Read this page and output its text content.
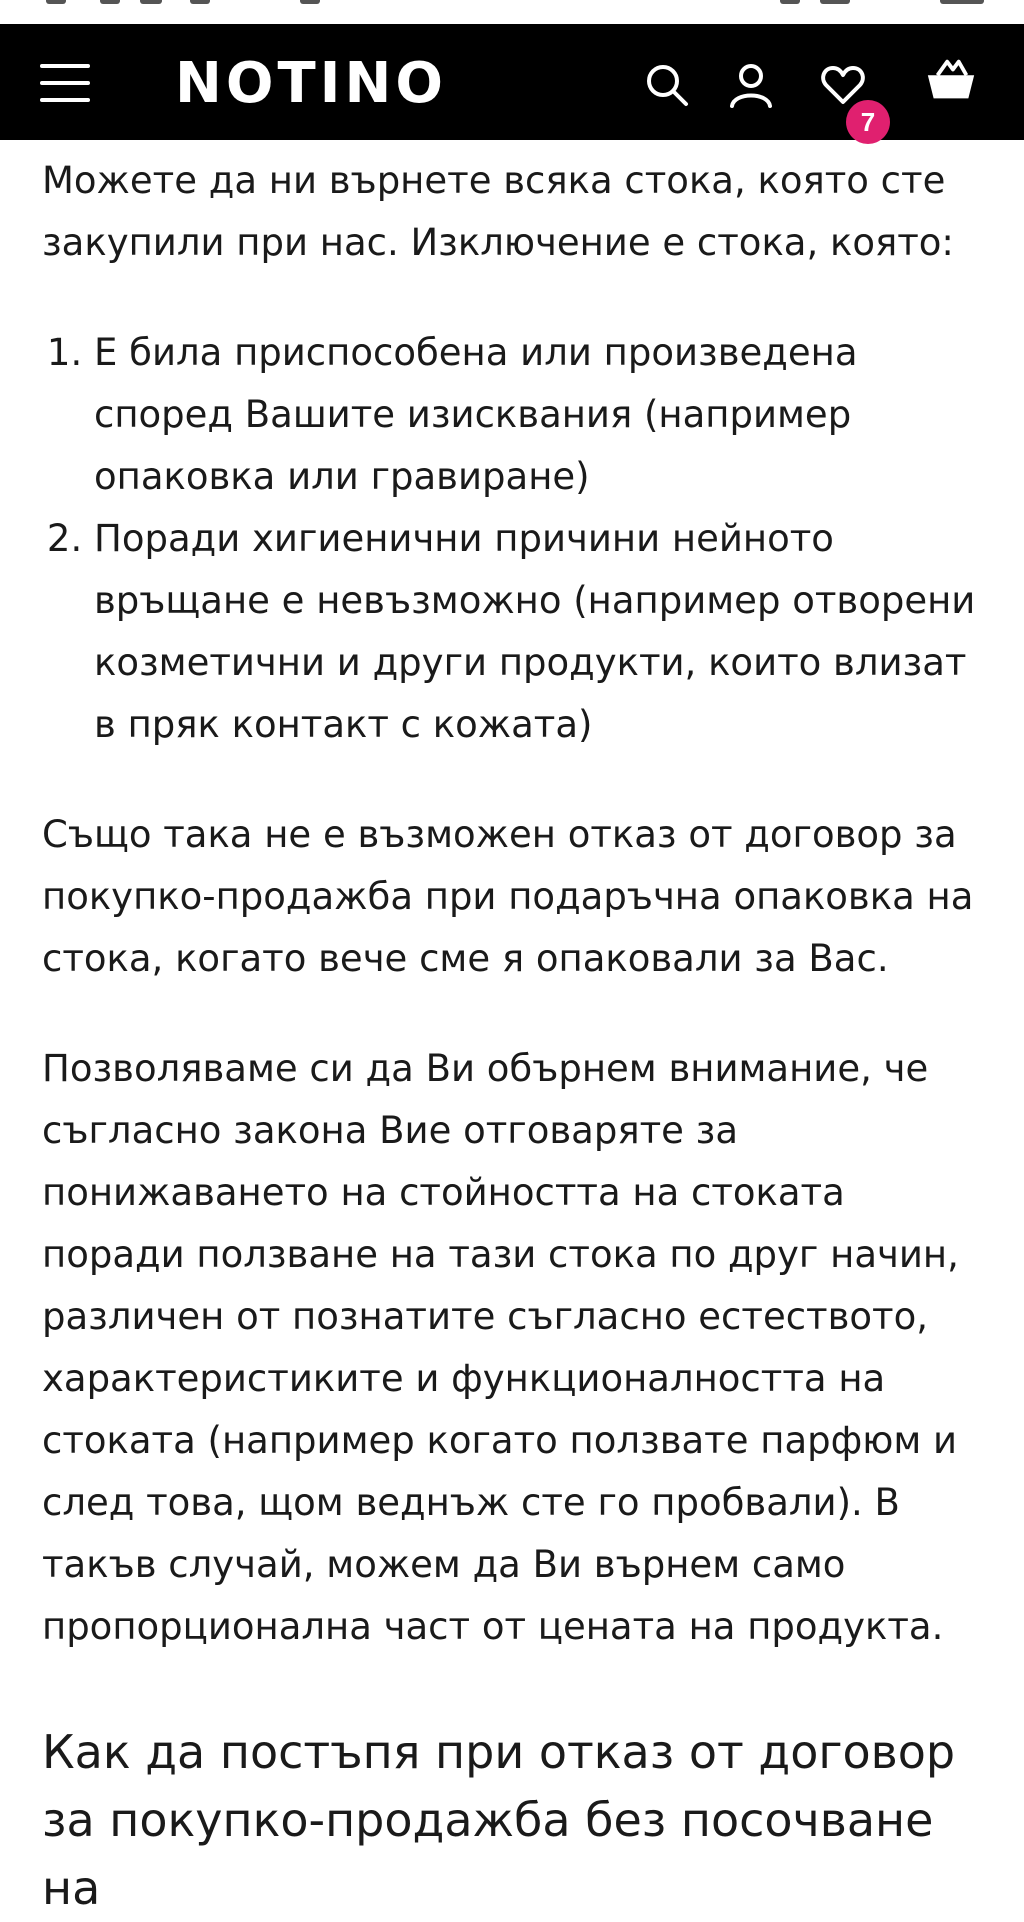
NOTINO
7

Можете да ни върнете всяка стока, която сте закупили при нас. Изключение е стока, която:

1. Е била приспособена или произведена според Вашите изисквания (например опаковка или гравиране)
2. Поради хигиенични причини нейното връщане е невъзможно (например отворени козметични и други продукти, които влизат в пряк контакт с кожата)

Също така не е възможен отказ от договор за покупко-продажба при подаръчна опаковка на стока, когато вече сме я опаковали за Вас.

Позволяваме си да Ви обърнем внимание, че съгласно закона Вие отговаряте за понижаването на стойността на стоката поради ползване на тази стока по друг начин, различен от познатите съгласно естеството, характеристиките и функционалността на стоката (например когато ползвате парфюм и след това, щом веднъж сте го пробвали). В такъв случай, можем да Ви върнем само пропорционална част от цената на продукта.

Как да постъпя при отказ от договор за покупко-продажба без посочване на
